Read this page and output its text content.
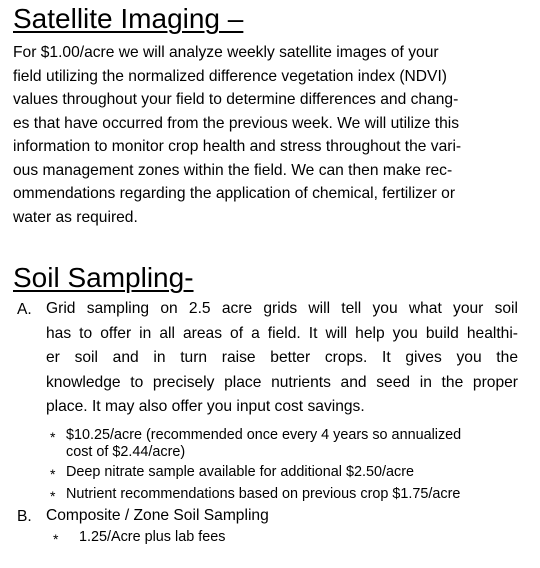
Satellite Imaging –
For $1.00/acre we will analyze weekly satellite images of your
field utilizing the normalized difference vegetation index (NDVI)
values throughout your field to determine differences and chang-
es that have occurred from the previous week. We will utilize this
information to monitor crop health and stress throughout the vari-
ous management zones within the field. We can then make rec-
ommendations regarding the application of chemical, fertilizer or
water as required.
Soil Sampling-
A. Grid sampling on 2.5 acre grids will tell you what your soil
has to offer in all areas of a field. It will help you build healthi-
er soil and in turn raise better crops. It gives you the
knowledge to precisely place nutrients and seed in the proper
place. It may also offer you input cost savings.
* $10.25/acre (recommended once every 4 years so annualized
cost of $2.44/acre)
* Deep nitrate sample available for additional $2.50/acre
* Nutrient recommendations based on previous crop $1.75/acre
B. Composite / Zone Soil Sampling
* 1.25/Acre plus lab fees
